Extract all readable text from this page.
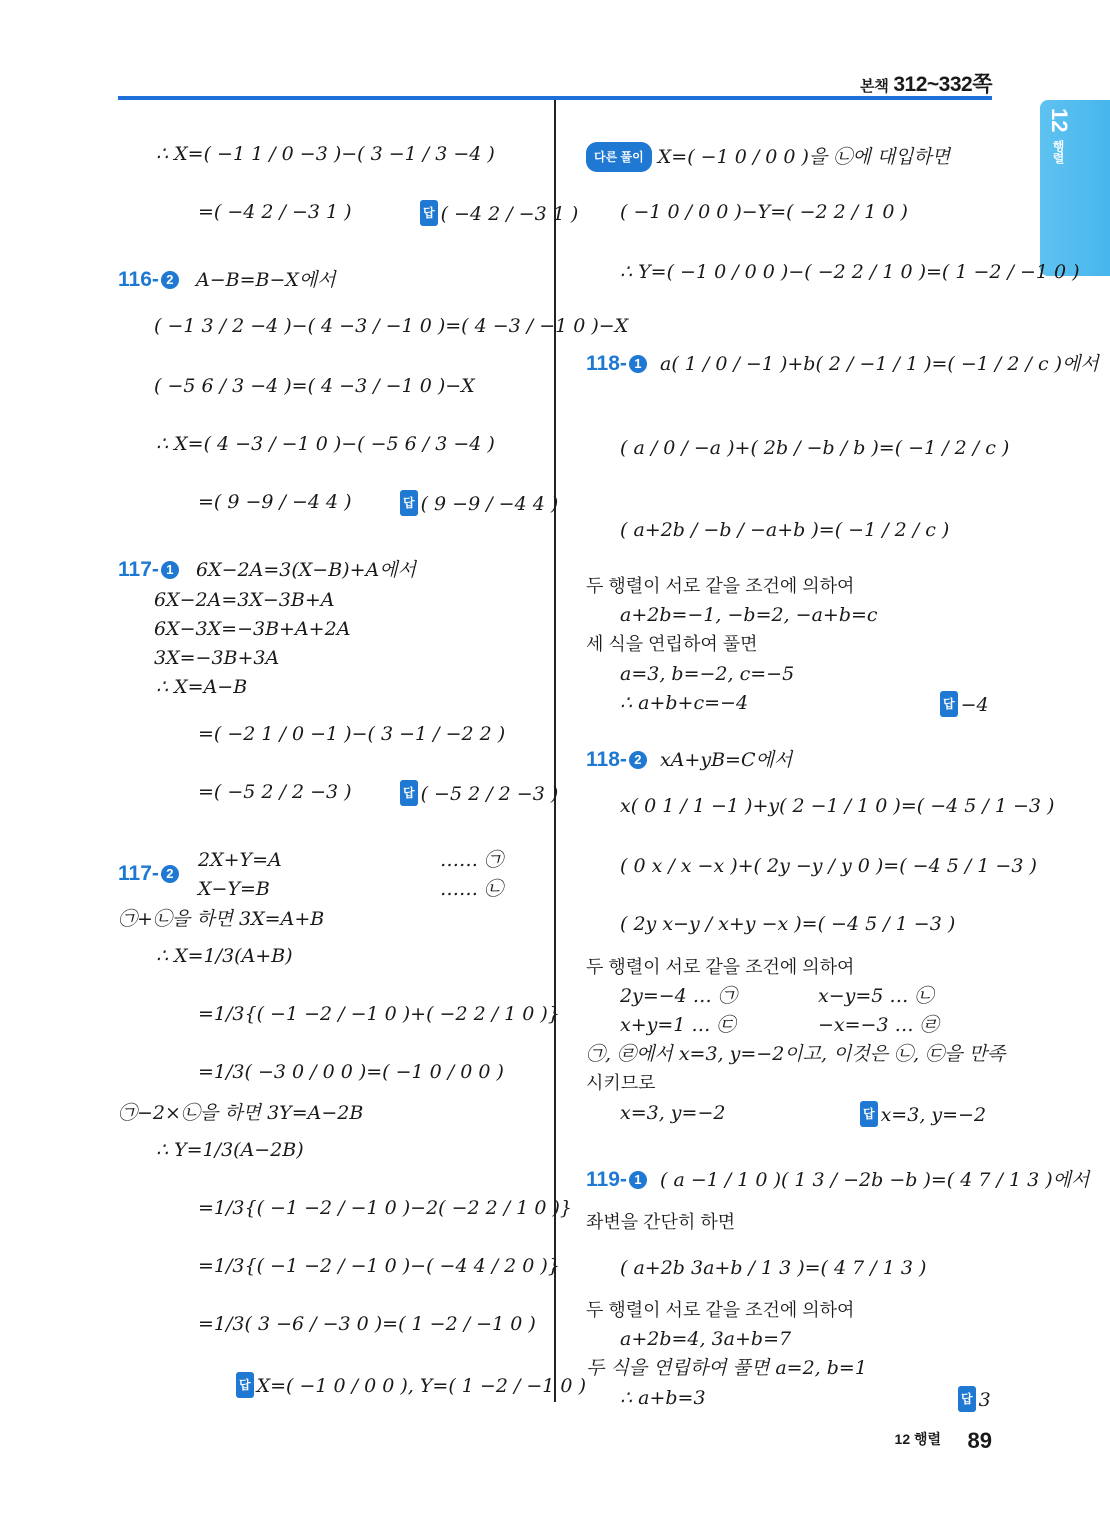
본책 312~332쪽
12
행렬
∴ X=( −1 1 / 0 −3 )−( 3 −1 / 3 −4 )
=( −4 2 / −3 1 )	답 ( −4 2 / −3 1 )
116- 2 A−B=B−X에서
( −1 3 / 2 −4 )−( 4 −3 / −1 0 )=( 4 −3 / −1 0 )−X
( −5 6 / 3 −4 )=( 4 −3 / −1 0 )−X
∴ X=( 4 −3 / −1 0 )−( −5 6 / 3 −4 )
=( 9 −9 / −4 4 )	답 ( 9 −9 / −4 4 )
117- 1 6X−2A=3(X−B)+A에서
6X−2A=3X−3B+A
6X−3X=−3B+A+2A
3X=−3B+3A
∴ X=A−B
=( −2 1 / 0 −1 )−( 3 −1 / −2 2 )
=( −5 2 / 2 −3 )	답 ( −5 2 / 2 −3 )
117- 2
2X+Y=A	…… ㉠
X−Y=B	…… ㉡
㉠+㉡을 하면 3X=A+B
∴ X=1/3(A+B)
=1/3{( −1 −2 / −1 0 )+( −2 2 / 1 0 )}
=1/3( −3 0 / 0 0 )=( −1 0 / 0 0 )
㉠−2×㉡을 하면 3Y=A−2B
∴ Y=1/3(A−2B)
=1/3{( −1 −2 / −1 0 )−2( −2 2 / 1 0 )}
=1/3{( −1 −2 / −1 0 )−( −4 4 / 2 0 )}
=1/3( 3 −6 / −3 0 )=( 1 −2 / −1 0 )
답 X=( −1 0 / 0 0 ), Y=( 1 −2 / −1 0 )
다른 풀이 X=( −1 0 / 0 0 )을 ㉡에 대입하면
( −1 0 / 0 0 )−Y=( −2 2 / 1 0 )
∴ Y=( −1 0 / 0 0 )−( −2 2 / 1 0 )=( 1 −2 / −1 0 )
118- 1 a( 1 / 0 / −1 )+b( 2 / −1 / 1 )=( −1 / 2 / c )에서
( a / 0 / −a )+( 2b / −b / b )=( −1 / 2 / c )
( a+2b / −b / −a+b )=( −1 / 2 / c )
두 행렬이 서로 같을 조건에 의하여
a+2b=−1, −b=2, −a+b=c
세 식을 연립하여 풀면
a=3, b=−2, c=−5
∴ a+b+c=−4	답 −4
118- 2 xA+yB=C에서
x( 0 1 / 1 −1 )+y( 2 −1 / 1 0 )=( −4 5 / 1 −3 )
( 0 x / x −x )+( 2y −y / y 0 )=( −4 5 / 1 −3 )
( 2y x−y / x+y −x )=( −4 5 / 1 −3 )
두 행렬이 서로 같을 조건에 의하여
2y=−4 … ㉠	x−y=5 … ㉡
x+y=1 … ㉢	−x=−3 … ㉣
㉠, ㉣에서 x=3, y=−2이고, 이것은 ㉡, ㉢을 만족
시키므로
x=3, y=−2	답 x=3, y=−2
119- 1 ( a −1 / 1 0 )( 1 3 / −2b −b )=( 4 7 / 1 3 )에서
좌변을 간단히 하면
( a+2b 3a+b / 1 3 )=( 4 7 / 1 3 )
두 행렬이 서로 같을 조건에 의하여
a+2b=4, 3a+b=7
두 식을 연립하여 풀면 a=2, b=1
∴ a+b=3	답 3
12 행렬 89
